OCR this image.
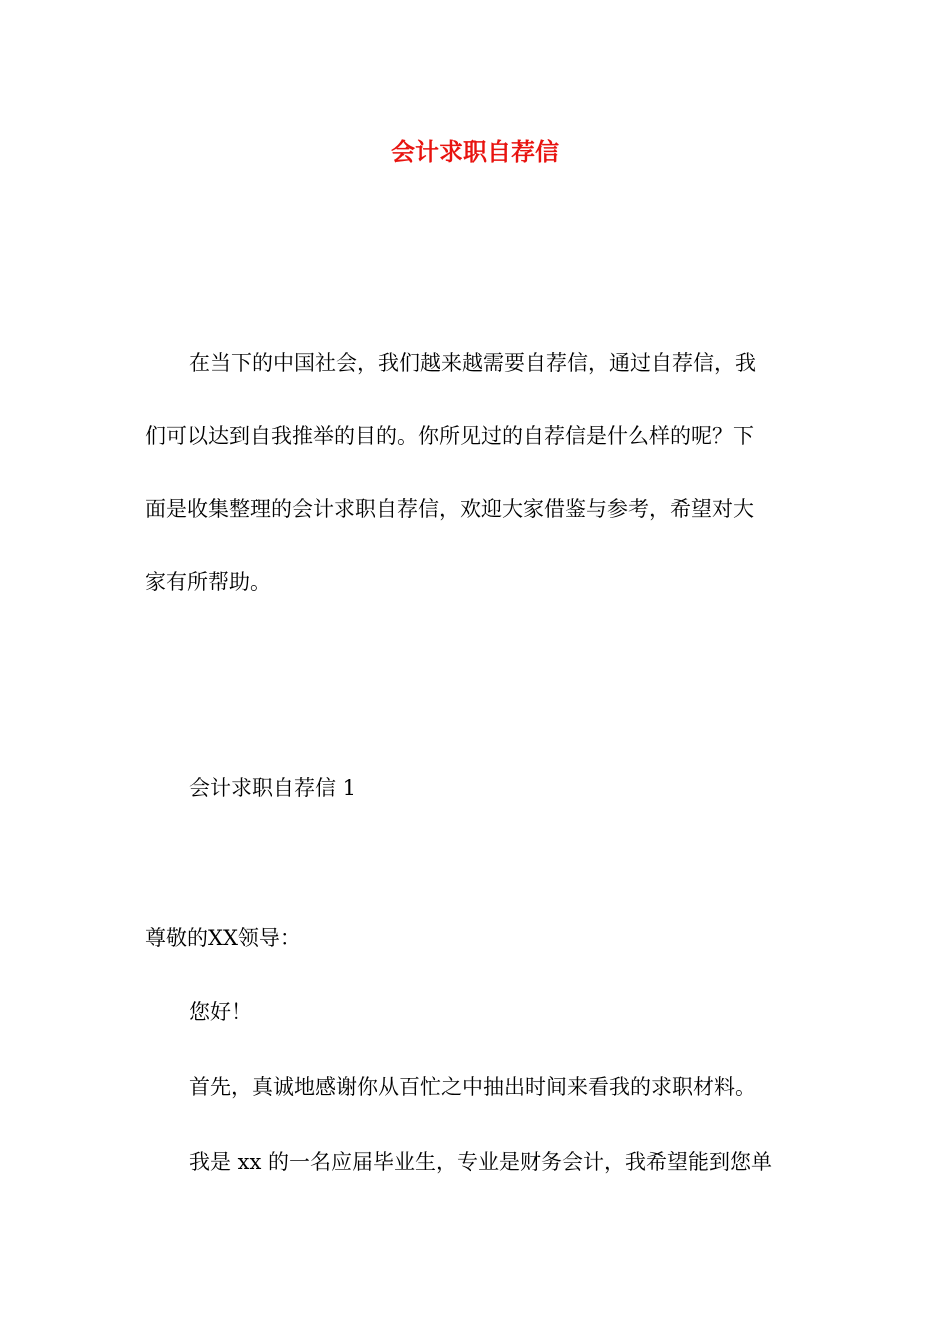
会计求职自荐信
在当下的中国社会，我们越来越需要自荐信，通过自荐信，我
们可以达到自我推举的目的。你所见过的自荐信是什么样的呢？下
面是收集整理的会计求职自荐信，欢迎大家借鉴与参考，希望对大
家有所帮助。

会计求职自荐信 1

尊敬的XX领导：

您好！

首先，真诚地感谢你从百忙之中抽出时间来看我的求职材料。

我是 xx 的一名应届毕业生，专业是财务会计，我希望能到您单
